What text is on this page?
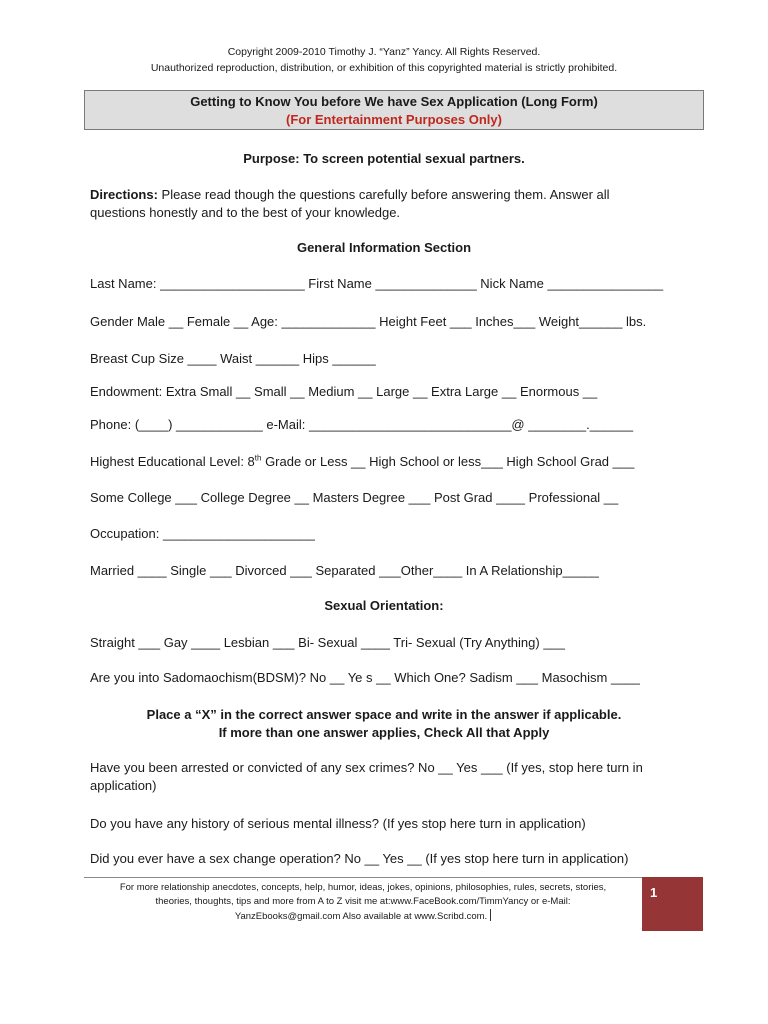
Copyright 2009-2010 Timothy J. “Yanz” Yancy. All Rights Reserved.
Unauthorized reproduction, distribution, or exhibition of this copyrighted material is strictly prohibited.
Getting to Know You before We have Sex Application (Long Form)
(For Entertainment Purposes Only)
Purpose: To screen potential sexual partners.
Directions: Please read though the questions carefully before answering them. Answer all questions honestly and to the best of your knowledge.
General Information Section
Last Name: ____________________ First Name ______________ Nick Name ________________
Gender Male __ Female __ Age: _____________ Height Feet ___ Inches___ Weight______ lbs.
Breast Cup Size ____ Waist ______ Hips ______
Endowment: Extra Small __ Small __ Medium __ Large __ Extra Large __ Enormous __
Phone: (____) ____________ e-Mail: ____________________________@ ________.______
Highest Educational Level: 8th Grade or Less __ High School or less___ High School Grad ___
Some College ___ College Degree __ Masters Degree ___ Post Grad ____ Professional __
Occupation: _____________________
Married ____ Single ___ Divorced ___ Separated ___Other____ In A Relationship_____
Sexual Orientation:
Straight ___ Gay ____ Lesbian ___ Bi- Sexual ____ Tri- Sexual (Try Anything) ___
Are you into Sadomaochism(BDSM)? No __ Ye s __ Which One? Sadism ___ Masochism ____
Place a “X” in the correct answer space and write in the answer if applicable.
If more than one answer applies, Check All that Apply
Have you been arrested or convicted of any sex crimes? No __ Yes ___ (If yes, stop here turn in application)
Do you have any history of serious mental illness? (If yes stop here turn in application)
Did you ever have a sex change operation? No __ Yes __ (If yes stop here turn in application)
For more relationship anecdotes, concepts, help, humor, ideas, jokes, opinions, philosophies, rules, secrets, stories,
theories, thoughts, tips and more from A to Z visit me at:www.FaceBook.com/TimmYancy or e-Mail:
YanzEbooks@gmail.com Also available at www.Scribd.com.
1
